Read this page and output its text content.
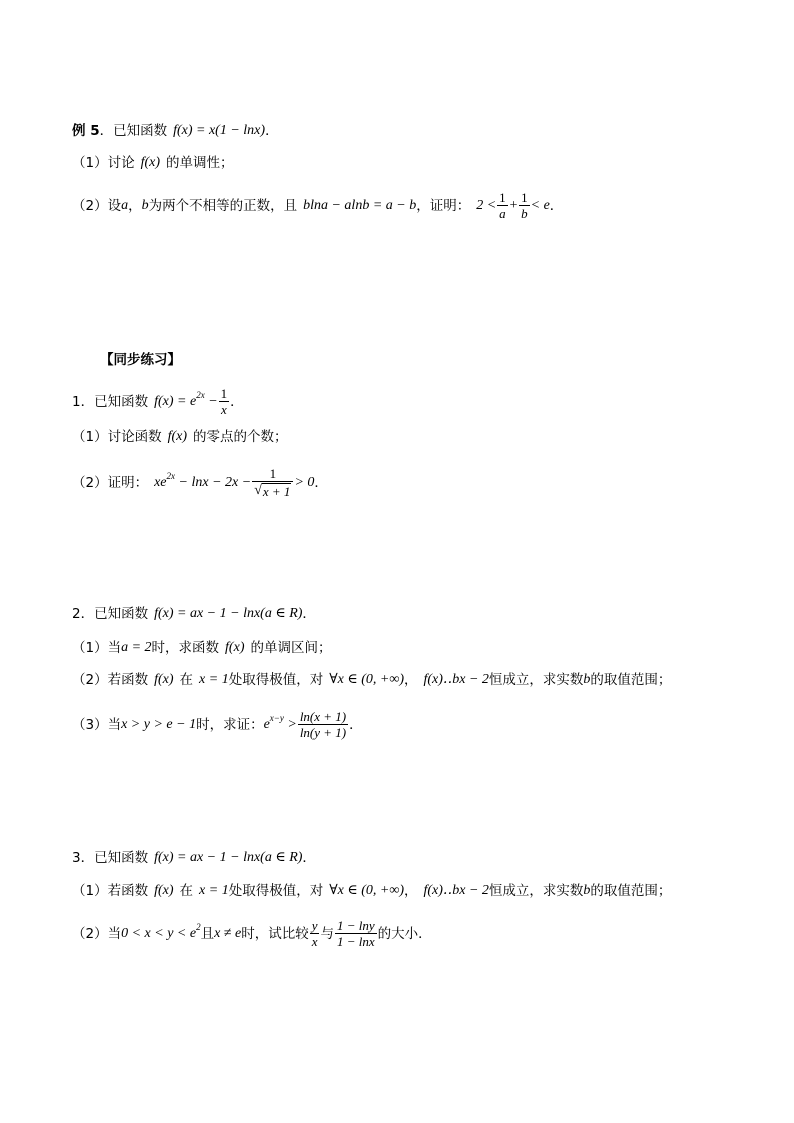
例 5 ．已知函数 f(x) = x(1 − lnx) ．
（1）讨论 f(x) 的单调性；
（2）设 a ， b 为两个不相等的正数，且 blna − alnb = a − b ，证明： $2 < \frac{1}{a} + \frac{1}{b} < e$ ．
【同步练习】
1 ．已知函数 $f(x) = e^{2x} - \frac{1}{x}$ ．
（1）讨论函数 f(x) 的零点的个数；
（2）证明： $xe^{2x} - \ln x - 2x - \frac{1}{√ x + 1} > 0$ ．
2 ．已知函数 f(x) = ax − 1 − lnx(a ∈ R) ．
（1）当 a = 2 时，求函数 f(x) 的单调区间；
（2）若函数 f(x) 在 x = 1 处取得极值，对 ∀x ∈ (0, +∞) ， f(x)‥bx − 2 恒成立，求实数 b 的取值范围；
（3）当 x > y > e − 1 时，求证： $e^{x-y} > \frac{\ln(x + 1)}{\ln(y + 1)}$ ．
3 ．已知函数 f(x) = ax − 1 − lnx(a ∈ R) ．
（1）若函数 f(x) 在 x = 1 处取得极值，对 ∀x ∈ (0, +∞) ， f(x)‥bx − 2 恒成立，求实数 b 的取值范围；
（2）当 $0 < x < y < e^2$ 且 x ≠ e 时，试比较 $\frac{y}{x}$ 与 $\frac{1 - \ln y}{1 - \ln x}$ 的大小 ．
